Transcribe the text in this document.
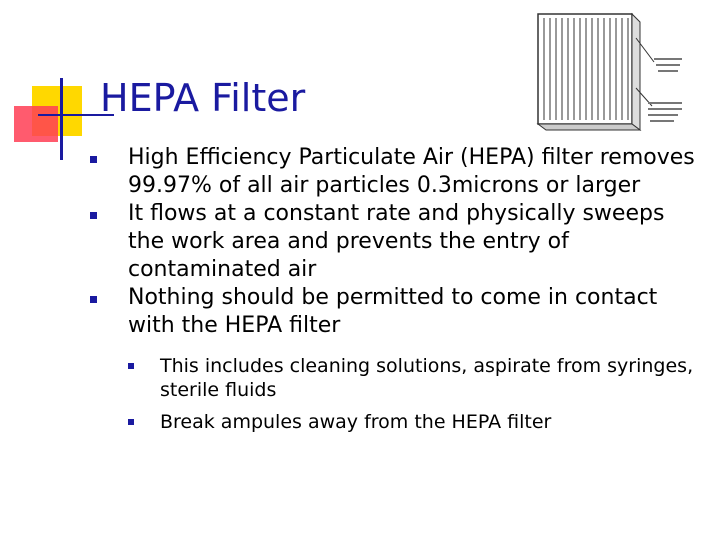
HEPA Filter
High Efficiency Particulate Air (HEPA) filter removes 99.97% of all air particles 0.3microns or larger
It flows at a constant rate and physically sweeps the work area and prevents the entry of contaminated air
Nothing should be permitted to come in contact with the HEPA filter
This includes cleaning solutions, aspirate from syringes, sterile fluids
Break ampules away from the HEPA filter
